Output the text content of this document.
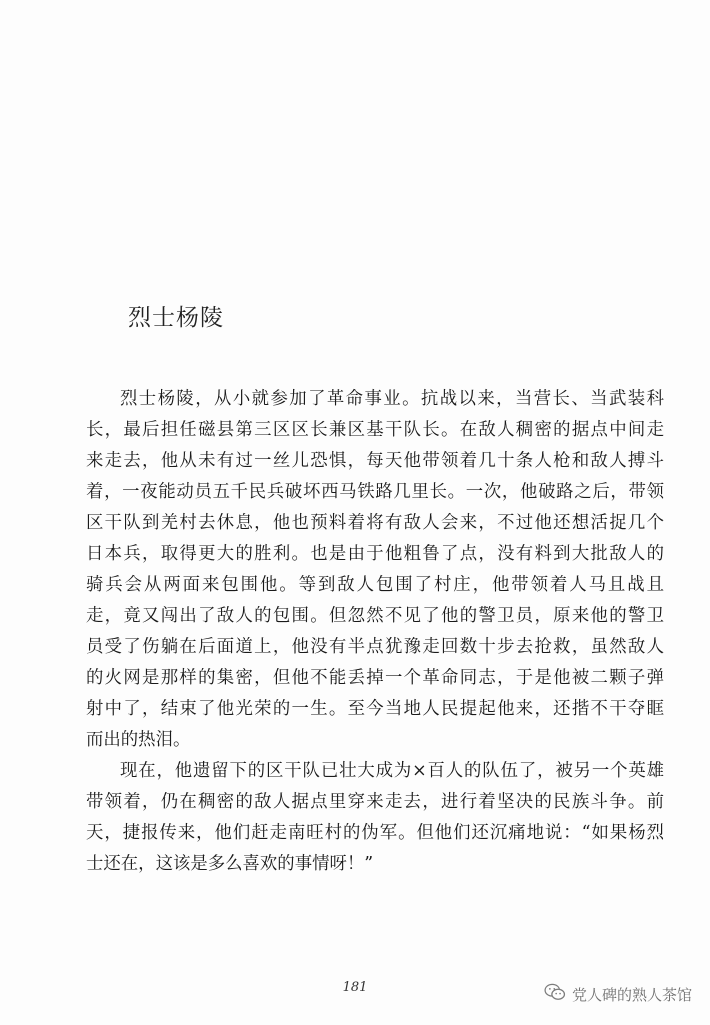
烈士杨陵
烈士杨陵，从小就参加了革命事业。抗战以来，当营长、当武装科
长，最后担任磁县第三区区长兼区基干队长。在敌人稠密的据点中间走
来走去，他从未有过一丝儿恐惧，每天他带领着几十条人枪和敌人搏斗
着，一夜能动员五千民兵破坏西马铁路几里长。一次，他破路之后，带领
区干队到羌村去休息，他也预料着将有敌人会来，不过他还想活捉几个
日本兵，取得更大的胜利。也是由于他粗鲁了点，没有料到大批敌人的
骑兵会从两面来包围他。等到敌人包围了村庄，他带领着人马且战且
走，竟又闯出了敌人的包围。但忽然不见了他的警卫员，原来他的警卫
员受了伤躺在后面道上，他没有半点犹豫走回数十步去抢救，虽然敌人
的火网是那样的集密，但他不能丢掉一个革命同志，于是他被二颗子弹
射中了，结束了他光荣的一生。至今当地人民提起他来，还揩不干夺眶
而出的热泪。
现在，他遗留下的区干队已壮大成为×百人的队伍了，被另一个英雄
带领着，仍在稠密的敌人据点里穿来走去，进行着坚决的民族斗争。前
天，捷报传来，他们赶走南旺村的伪军。但他们还沉痛地说：“如果杨烈
士还在，这该是多么喜欢的事情呀！”
181	党人碑的熟人茶馆
